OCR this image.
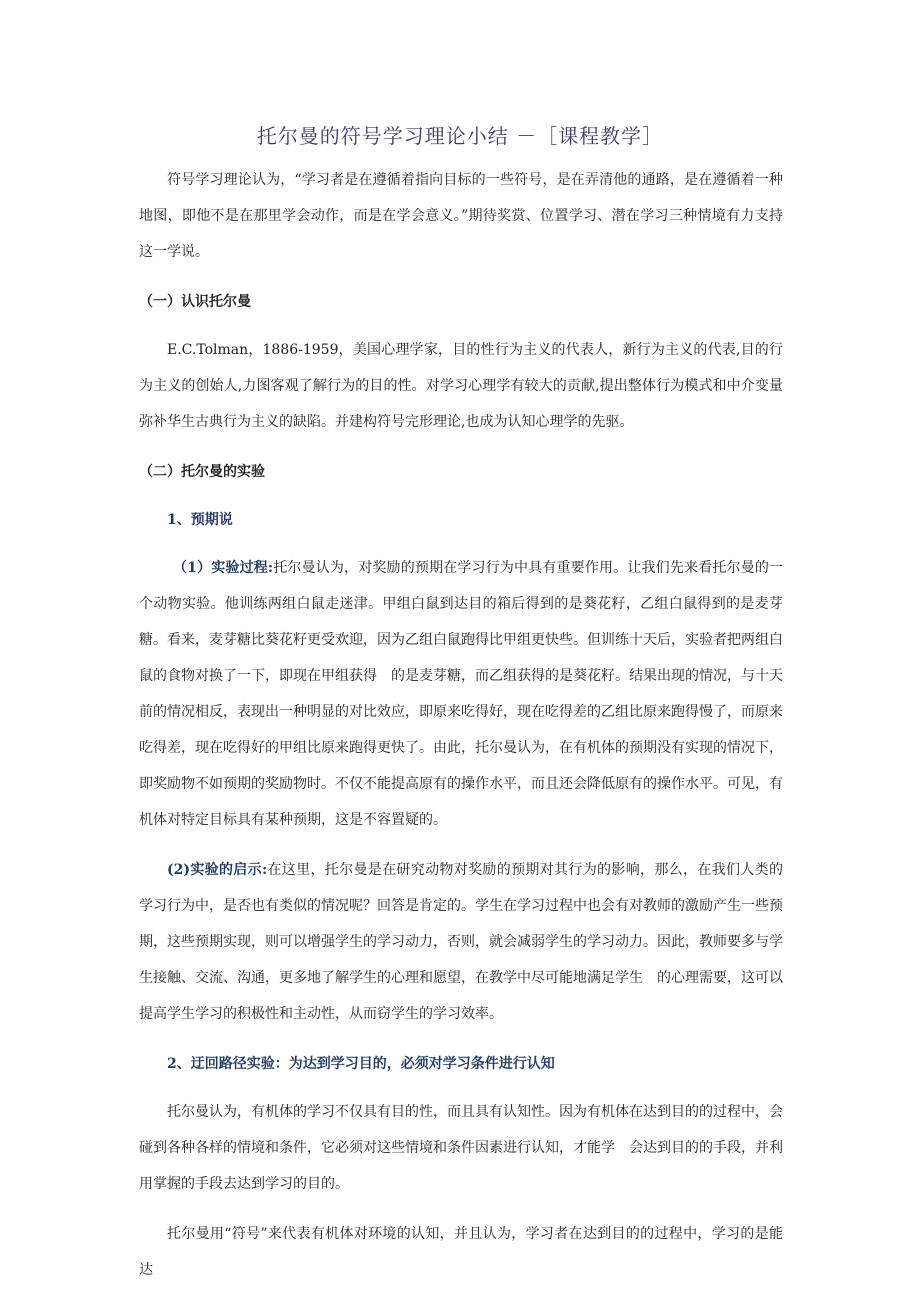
托尔曼的符号学习理论小结 －［课程教学］

符号学习理论认为，“学习者是在遵循着指向目标的一些符号，是在弄清他的通路，是在遵循着一种地图，即他不是在那里学会动作，而是在学会意义。”期待奖赏、位置学习、潜在学习三种情境有力支持这一学说。

（一）认识托尔曼

E.C.Tolman，1886-1959，美国心理学家，目的性行为主义的代表人，新行为主义的代表,目的行为主义的创始人,力图客观了解行为的目的性。对学习心理学有较大的贡献,提出整体行为模式和中介变量弥补华生古典行为主义的缺陷。并建构符号完形理论,也成为认知心理学的先驱。

（二）托尔曼的实验
1、预期说

（1）实验过程:托尔曼认为，对奖励的预期在学习行为中具有重要作用。让我们先来看托尔曼的一个动物实验。他训练两组白鼠走迷津。甲组白鼠到达目的箱后得到的是葵花籽，乙组白鼠得到的是麦芽糖。看来，麦芽糖比葵花籽更受欢迎，因为乙组白鼠跑得比甲组更快些。但训练十天后，实验者把两组白鼠的食物对换了一下，即现在甲组获得　的是麦芽糖，而乙组获得的是葵花籽。结果出现的情况，与十天前的情况相反，表现出一种明显的对比效应，即原来吃得好，现在吃得差的乙组比原来跑得慢了，而原来吃得差，现在吃得好的甲组比原来跑得更快了。由此，托尔曼认为，在有机体的预期没有实现的情况下，即奖励物不如预期的奖励物时。不仅不能提高原有的操作水平，而且还会降低原有的操作水平。可见，有机体对特定目标具有某种预期，这是不容置疑的。

(2)实验的启示:在这里，托尔曼是在研究动物对奖励的预期对其行为的影响，那么，在我们人类的学习行为中，是否也有类似的情况呢？回答是肯定的。学生在学习过程中也会有对教师的激励产生一些预期，这些预期实现，则可以增强学生的学习动力，否则，就会减弱学生的学习动力。因此，教师要多与学生接触、交流、沟通，更多地了解学生的心理和愿望，在教学中尽可能地满足学生　的心理需要，这可以提高学生学习的积极性和主动性，从而窃学生的学习效率。

2、迂回路径实验：为达到学习目的，必须对学习条件进行认知

托尔曼认为，有机体的学习不仅具有目的性，而且具有认知性。因为有机体在达到目的的过程中，会碰到各种各样的情境和条件，它必须对这些情境和条件因素进行认知，才能学　会达到目的的手段，并利用掌握的手段去达到学习的目的。

托尔曼用“符号”来代表有机体对环境的认知，并且认为，学习者在达到目的的过程中，学习的是能达
